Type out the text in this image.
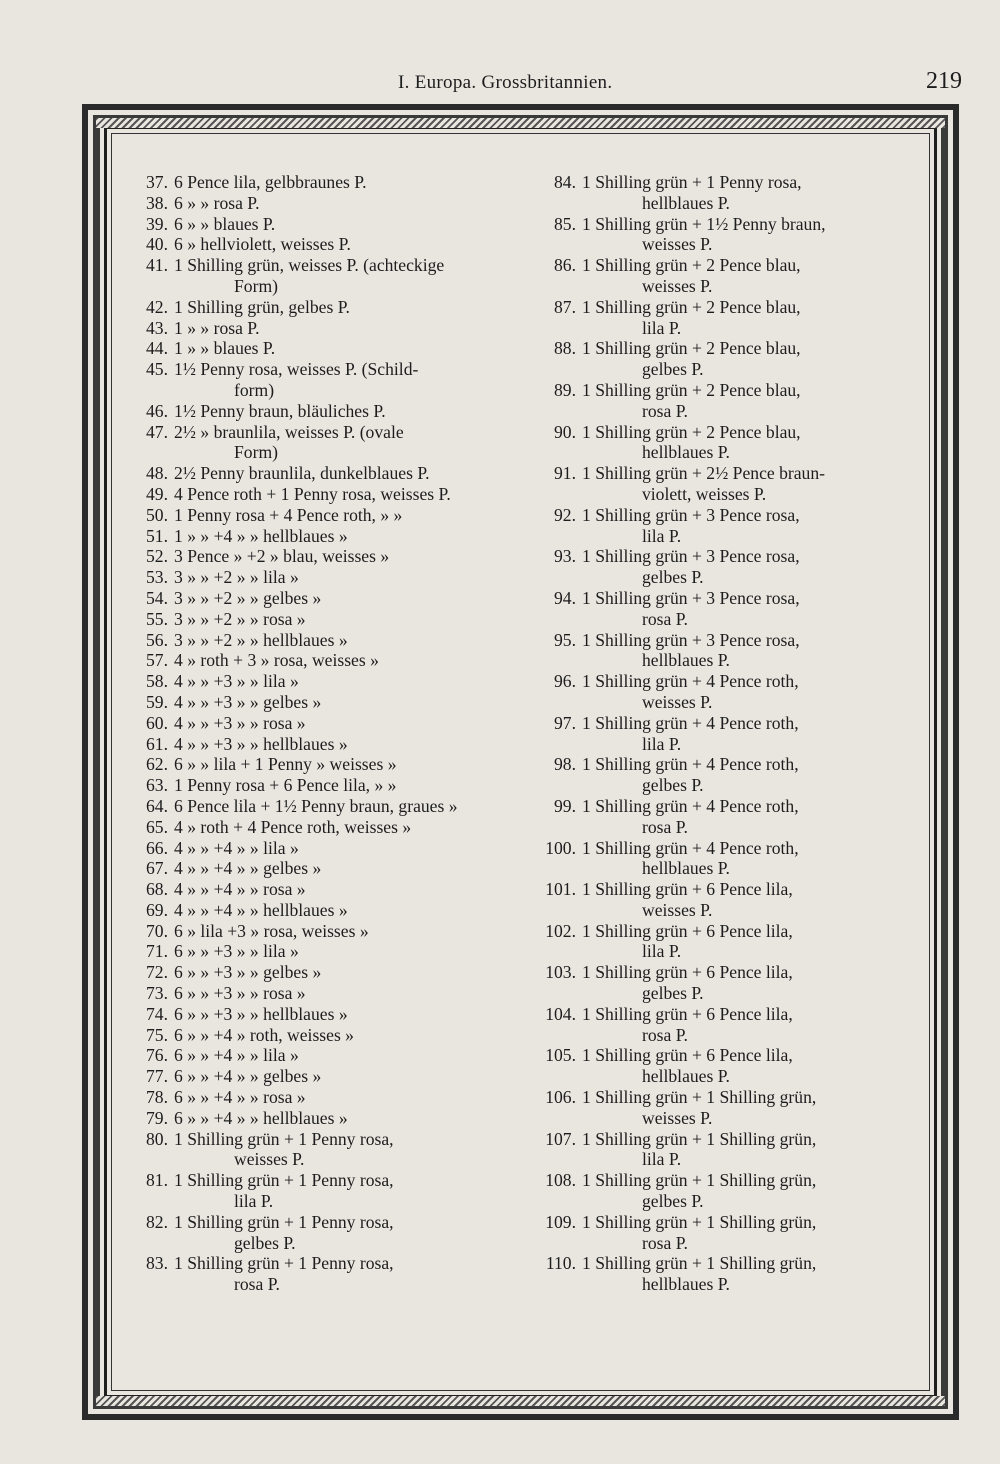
I. Europa. Grossbritannien.	219
37. 6 Pence lila, gelbbraunes P.
38. 6 » » rosa P.
39. 6 » » blaues P.
40. 6 » hellviolett, weisses P.
41. 1 Shilling grün, weisses P. (achteckige
Form)
42. 1 Shilling grün, gelbes P.
43. 1 » » rosa P.
44. 1 » » blaues P.
45. 1½ Penny rosa, weisses P. (Schild-
form)
46. 1½ Penny braun, bläuliches P.
47. 2½ » braunlila, weisses P. (ovale
Form)
48. 2½ Penny braunlila, dunkelblaues P.
49. 4 Pence roth + 1 Penny rosa, weisses P.
50. 1 Penny rosa + 4 Pence roth, » »
51. 1 » » +4 » » hellblaues »
52. 3 Pence » +2 » blau, weisses »
53. 3 » » +2 » » lila »
54. 3 » » +2 » » gelbes »
55. 3 » » +2 » » rosa »
56. 3 » » +2 » » hellblaues »
57. 4 » roth + 3 » rosa, weisses »
58. 4 » » +3 » » lila »
59. 4 » » +3 » » gelbes »
60. 4 » » +3 » » rosa »
61. 4 » » +3 » » hellblaues »
62. 6 » » lila + 1 Penny » weisses »
63. 1 Penny rosa + 6 Pence lila, » »
64. 6 Pence lila + 1½ Penny braun, graues »
65. 4 » roth + 4 Pence roth, weisses »
66. 4 » » +4 » » lila »
67. 4 » » +4 » » gelbes »
68. 4 » » +4 » » rosa »
69. 4 » » +4 » » hellblaues »
70. 6 » lila +3 » rosa, weisses »
71. 6 » » +3 » » lila »
72. 6 » » +3 » » gelbes »
73. 6 » » +3 » » rosa »
74. 6 » » +3 » » hellblaues »
75. 6 » » +4 » roth, weisses »
76. 6 » » +4 » » lila »
77. 6 » » +4 » » gelbes »
78. 6 » » +4 » » rosa »
79. 6 » » +4 » » hellblaues »
80. 1 Shilling grün + 1 Penny rosa,
weisses P.
81. 1 Shilling grün + 1 Penny rosa,
lila P.
82. 1 Shilling grün + 1 Penny rosa,
gelbes P.
83. 1 Shilling grün + 1 Penny rosa,
rosa P.
84. 1 Shilling grün + 1 Penny rosa,
hellblaues P.
85. 1 Shilling grün + 1½ Penny braun,
weisses P.
86. 1 Shilling grün + 2 Pence blau,
weisses P.
87. 1 Shilling grün + 2 Pence blau,
lila P.
88. 1 Shilling grün + 2 Pence blau,
gelbes P.
89. 1 Shilling grün + 2 Pence blau,
rosa P.
90. 1 Shilling grün + 2 Pence blau,
hellblaues P.
91. 1 Shilling grün + 2½ Pence braun-
violett, weisses P.
92. 1 Shilling grün + 3 Pence rosa,
lila P.
93. 1 Shilling grün + 3 Pence rosa,
gelbes P.
94. 1 Shilling grün + 3 Pence rosa,
rosa P.
95. 1 Shilling grün + 3 Pence rosa,
hellblaues P.
96. 1 Shilling grün + 4 Pence roth,
weisses P.
97. 1 Shilling grün + 4 Pence roth,
lila P.
98. 1 Shilling grün + 4 Pence roth,
gelbes P.
99. 1 Shilling grün + 4 Pence roth,
rosa P.
100. 1 Shilling grün + 4 Pence roth,
hellblaues P.
101. 1 Shilling grün + 6 Pence lila,
weisses P.
102. 1 Shilling grün + 6 Pence lila,
lila P.
103. 1 Shilling grün + 6 Pence lila,
gelbes P.
104. 1 Shilling grün + 6 Pence lila,
rosa P.
105. 1 Shilling grün + 6 Pence lila,
hellblaues P.
106. 1 Shilling grün + 1 Shilling grün,
weisses P.
107. 1 Shilling grün + 1 Shilling grün,
lila P.
108. 1 Shilling grün + 1 Shilling grün,
gelbes P.
109. 1 Shilling grün + 1 Shilling grün,
rosa P.
110. 1 Shilling grün + 1 Shilling grün,
hellblaues P.
